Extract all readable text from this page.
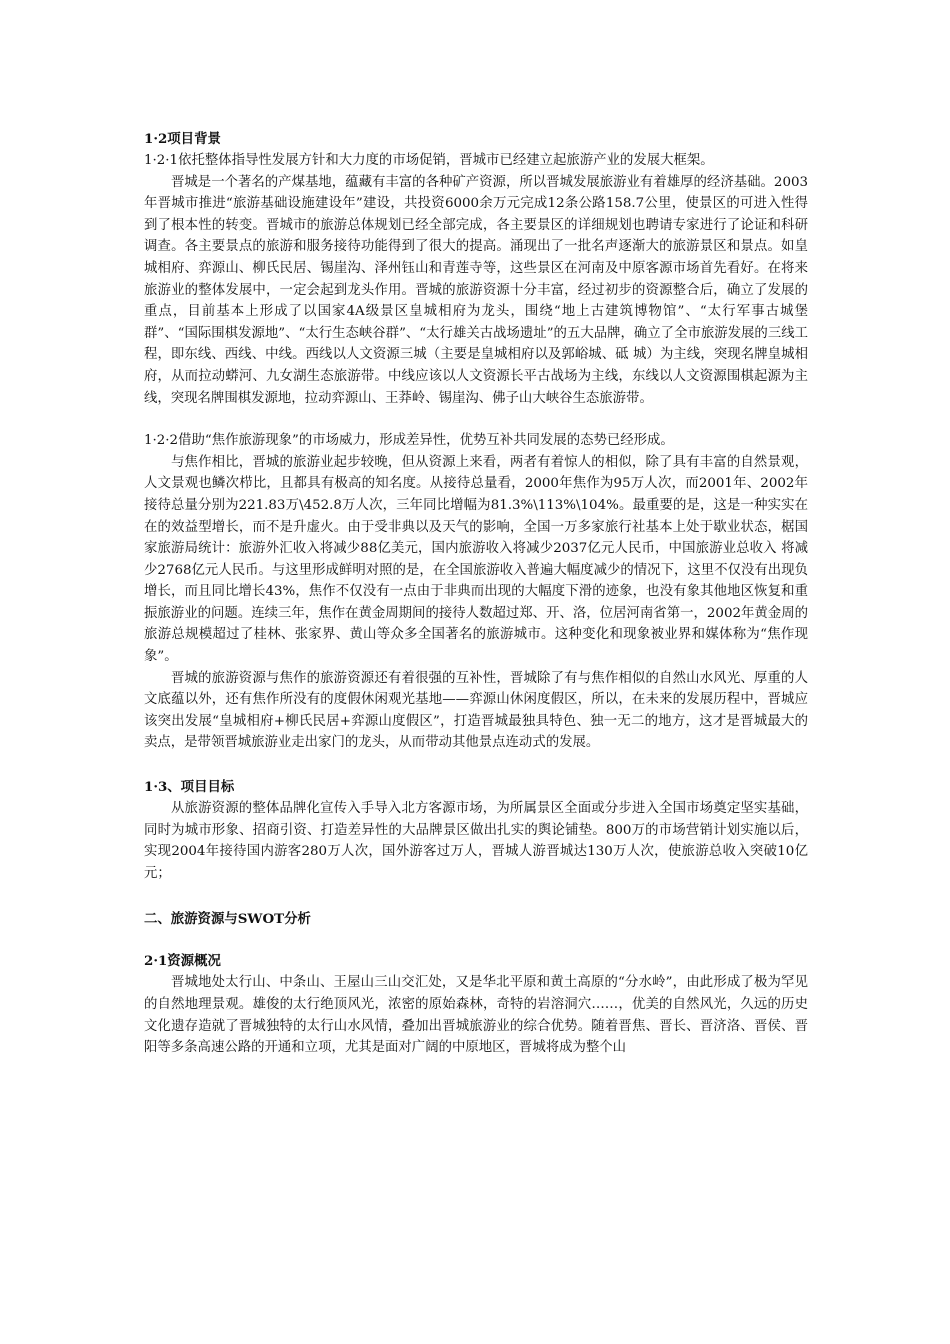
1·2项目背景

1·2·1依托整体指导性发展方针和大力度的市场促销，晋城市已经建立起旅游产业的发展大框架。

晋城是一个著名的产煤基地，蕴藏有丰富的各种矿产资源，所以晋城发展旅游业有着雄厚的经济基础。2003年晋城市推进“旅游基础设施建设年”建设，共投资6000余万元完成12条公路158.7公里，使景区的可进入性得到了根本性的转变。晋城市的旅游总体规划已经全部完成，各主要景区的详细规划也聘请专家进行了论证和科研调查。各主要景点的旅游和服务接待功能得到了很大的提高。涌现出了一批名声逐渐大的旅游景区和景点。如皇城相府、弈源山、柳氏民居、锡崖沟、泽州钰山和青莲寺等，这些景区在河南及中原客源市场首先看好。在将来旅游业的整体发展中，一定会起到龙头作用。晋城的旅游资源十分丰富，经过初步的资源整合后，确立了发展的重点，目前基本上形成了以国家4A级景区皇城相府为龙头，围绕“地上古建筑博物馆”、“太行军事古城堡群”、“国际围棋发源地”、“太行生态峡谷群”、“太行雄关古战场遗址”的五大品牌，确立了全市旅游发展的三线工程，即东线、西线、中线。西线以人文资源三城（主要是皇城相府以及郭峪城、砥 城）为主线，突现名牌皇城相府，从而拉动蟒河、九女湖生态旅游带。中线应该以人文资源长平古战场为主线，东线以人文资源围棋起源为主线，突现名牌围棋发源地，拉动弈源山、王莽岭、锡崖沟、佛子山大峡谷生态旅游带。

1·2·2借助“焦作旅游现象”的市场威力，形成差异性，优势互补共同发展的态势已经形成。

与焦作相比，晋城的旅游业起步较晚，但从资源上来看，两者有着惊人的相似，除了具有丰富的自然景观，人文景观也鳞次栉比，且都具有极高的知名度。从接待总量看，2000年焦作为95万人次，而2001年、2002年接待总量分别为221.83万\452.8万人次，三年同比增幅为81.3%\113%\104%。最重要的是，这是一种实实在在的效益型增长，而不是升虚火。由于受非典以及天气的影响，全国一万多家旅行社基本上处于歇业状态，椐国家旅游局统计：旅游外汇收入将减少88亿美元，国内旅游收入将减少2037亿元人民币，中国旅游业总收入 将减少2768亿元人民币。与这里形成鲜明对照的是，在全国旅游收入普遍大幅度减少的情况下，这里不仅没有出现负增长，而且同比增长43%，焦作不仅没有一点由于非典而出现的大幅度下滑的迹象，也没有象其他地区恢复和重振旅游业的问题。连续三年，焦作在黄金周期间的接待人数超过郑、开、洛，位居河南省第一，2002年黄金周的旅游总规模超过了桂林、张家界、黄山等众多全国著名的旅游城市。这种变化和现象被业界和媒体称为“焦作现象”。

晋城的旅游资源与焦作的旅游资源还有着很强的互补性，晋城除了有与焦作相似的自然山水风光、厚重的人文底蕴以外，还有焦作所没有的度假休闲观光基地——弈源山休闲度假区，所以，在未来的发展历程中，晋城应该突出发展“皇城相府+柳氏民居+弈源山度假区”，打造晋城最独具特色、独一无二的地方，这才是晋城最大的卖点，是带领晋城旅游业走出家门的龙头，从而带动其他景点连动式的发展。

1·3、项目目标

从旅游资源的整体品牌化宣传入手导入北方客源市场，为所属景区全面或分步进入全国市场奠定坚实基础，同时为城市形象、招商引资、打造差异性的大品牌景区做出扎实的舆论铺垫。800万的市场营销计划实施以后，实现2004年接待国内游客280万人次，国外游客过万人，晋城人游晋城达130万人次，使旅游总收入突破10亿元；

二、旅游资源与SWOT分析

2·1资源概况

晋城地处太行山、中条山、王屋山三山交汇处，又是华北平原和黄土高原的“分水岭”，由此形成了极为罕见的自然地理景观。雄俊的太行绝顶风光，浓密的原始森林，奇特的岩溶洞穴……，优美的自然风光，久远的历史文化遗存造就了晋城独特的太行山水风情，叠加出晋城旅游业的综合优势。随着晋焦、晋长、晋济洛、晋侯、晋阳等多条高速公路的开通和立项，尤其是面对广阔的中原地区，晋城将成为整个山
